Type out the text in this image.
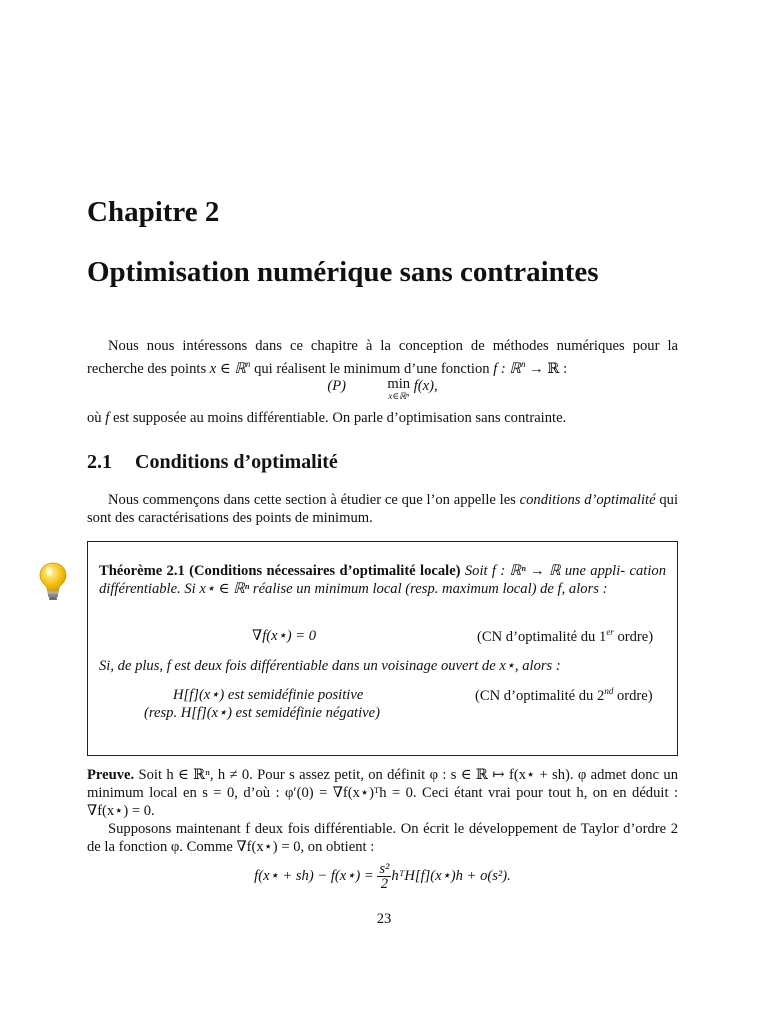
Chapitre 2
Optimisation numérique sans contraintes
Nous nous intéressons dans ce chapitre à la conception de méthodes numériques pour la recherche des points x ∈ ℝ$^n$ qui réalisent le minimum d’une fonction f : ℝ$^n$ → ℝ :
(P)	min
x∈ℝⁿ
f(x),
où f est supposée au moins différentiable. On parle d’optimisation sans contrainte.
2.1 Conditions d’optimalité
Nous commençons dans cette section à étudier ce que l’on appelle les conditions d’optimalité qui sont des caractérisations des points de minimum.
Théorème 2.1 (Conditions nécessaires d’optimalité locale) Soit f : ℝⁿ → ℝ une appli- cation différentiable. Si x⋆ ∈ ℝⁿ réalise un minimum local (resp. maximum local) de f, alors :
∇f(x⋆) = 0	(CN d’optimalité du 1er ordre)
Si, de plus, f est deux fois différentiable dans un voisinage ouvert de x⋆, alors :
H[f](x⋆) est semidéfinie positive
(resp. H[f](x⋆) est semidéfinie négative)
(CN d’optimalité du 2nd ordre)
Preuve. Soit h ∈ ℝⁿ, h ≠ 0. Pour s assez petit, on définit φ : s ∈ ℝ ↦ f(x⋆ + sh). φ admet donc un minimum local en s = 0, d’où : φ′(0) = ∇f(x⋆)ᵀh = 0. Ceci étant vrai pour tout h, on en déduit : ∇f(x⋆) = 0.
Supposons maintenant f deux fois différentiable. On écrit le développement de Taylor d’ordre 2 de la fonction φ. Comme ∇f(x⋆) = 0, on obtient :
f(x⋆ + sh) − f(x⋆) = $\frac{\text{s²}}{2}$ hᵀH[f](x⋆)h + o(s²).
23
